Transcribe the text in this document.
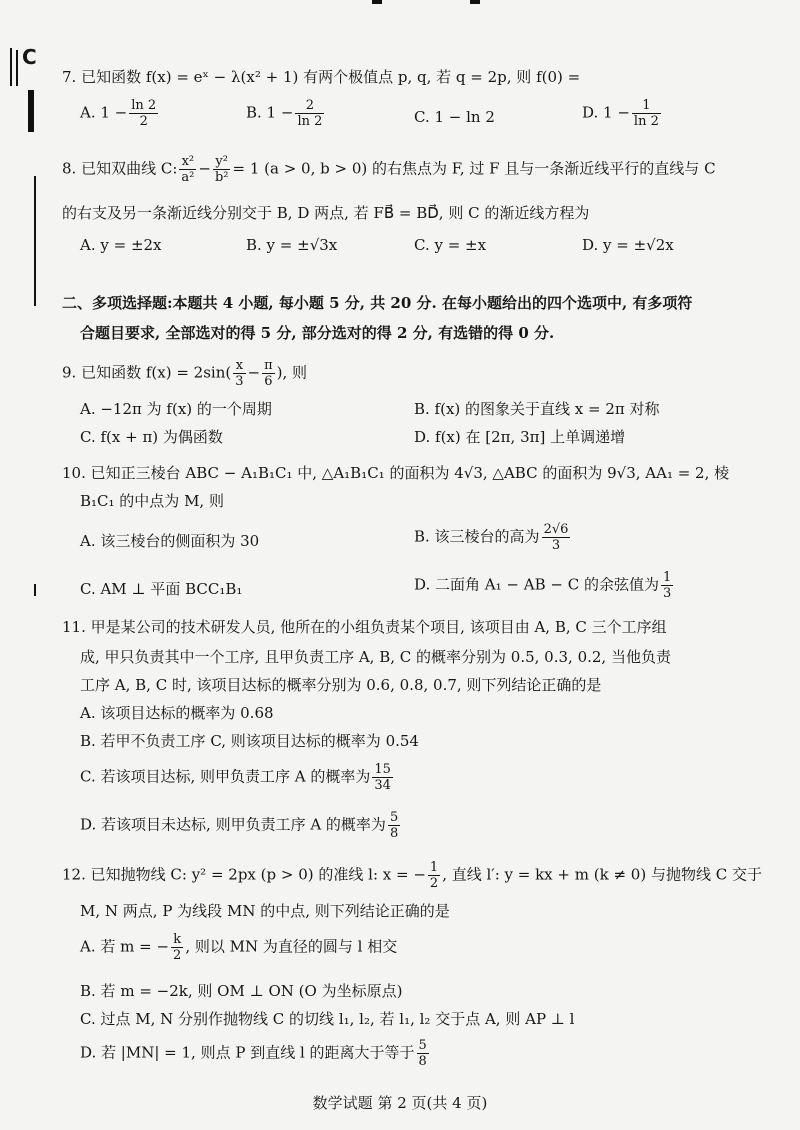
C
7. 已知函数 f(x) = eˣ − λ(x² + 1) 有两个极值点 p, q, 若 q = 2p, 则 f(0) =
A. $1 - \frac{\ln 2}{2}$	B. $1 - \frac{2}{\ln 2}$	C. 1 − ln 2	D. $1 - \frac{1}{\ln 2}$
8. 已知双曲线 C: $\frac{\text{x²}}{\text{a²}} - \frac{\text{y²}}{\text{b²}} = 1$ (a > 0, b > 0) 的右焦点为 F, 过 F 且与一条渐近线平行的直线与 C
的右支及另一条渐近线分别交于 B, D 两点, 若 FB⃗ = BD⃗, 则 C 的渐近线方程为
A. y = ±2x	B. y = ±√3x	C. y = ±x	D. y = ±√2x
二、多项选择题:本题共 4 小题, 每小题 5 分, 共 20 分. 在每小题给出的四个选项中, 有多项符
合题目要求, 全部选对的得 5 分, 部分选对的得 2 分, 有选错的得 0 分.
9. 已知函数 $f(x) = 2\sin( \frac{x}{3} - \frac{\pi}{6}$ ), 则
A. −12π 为 f(x) 的一个周期	B. f(x) 的图象关于直线 x = 2π 对称
C. f(x + π) 为偶函数	D. f(x) 在 [2π, 3π] 上单调递增
10. 已知正三棱台 ABC − A₁B₁C₁ 中, △A₁B₁C₁ 的面积为 4√3, △ABC 的面积为 9√3, AA₁ = 2, 棱
B₁C₁ 的中点为 M, 则
A. 该三棱台的侧面积为 30	B. 该三棱台的高为 $\frac{2√6}{3}$
C. AM ⊥ 平面 BCC₁B₁	D. 二面角 A₁ − AB − C 的余弦值为 $\frac{1}{3}$
11. 甲是某公司的技术研发人员, 他所在的小组负责某个项目, 该项目由 A, B, C 三个工序组
成, 甲只负责其中一个工序, 且甲负责工序 A, B, C 的概率分别为 0.5, 0.3, 0.2, 当他负责
工序 A, B, C 时, 该项目达标的概率分别为 0.6, 0.8, 0.7, 则下列结论正确的是
A. 该项目达标的概率为 0.68
B. 若甲不负责工序 C, 则该项目达标的概率为 0.54
C. 若该项目达标, 则甲负责工序 A 的概率为 $\frac{15}{34}$
D. 若该项目未达标, 则甲负责工序 A 的概率为 $\frac{5}{8}$
12. 已知抛物线 C: y² = 2px (p > 0) 的准线 l: x = − $\frac{1}{2}$ , 直线 l′: y = kx + m (k ≠ 0) 与抛物线 C 交于
M, N 两点, P 为线段 MN 的中点, 则下列结论正确的是
A. 若 m = − $\frac{k}{2}$ , 则以 MN 为直径的圆与 l 相交
B. 若 m = −2k, 则 OM ⊥ ON (O 为坐标原点)
C. 过点 M, N 分别作抛物线 C 的切线 l₁, l₂, 若 l₁, l₂ 交于点 A, 则 AP ⊥ l
D. 若 |MN| = 1, 则点 P 到直线 l 的距离大于等于 $\frac{5}{8}$
数学试题 第 2 页(共 4 页)
